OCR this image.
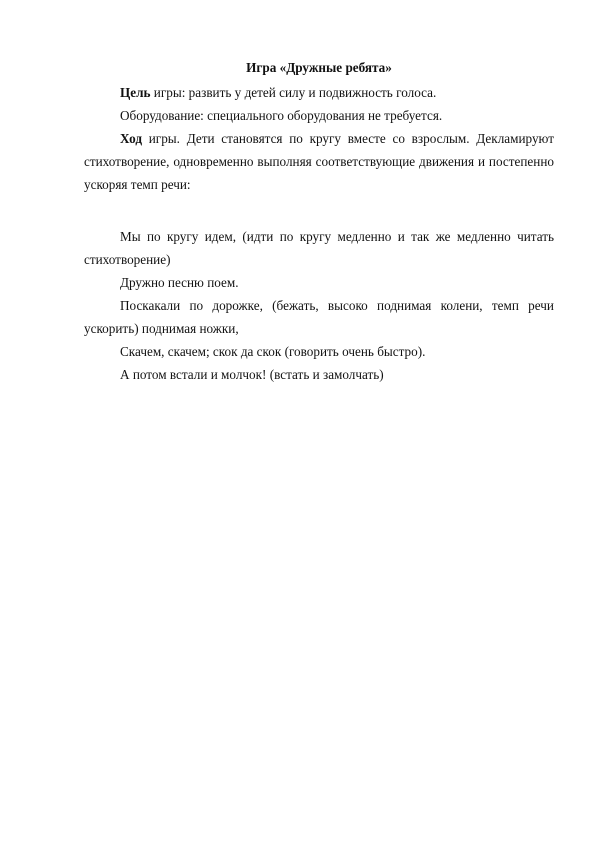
Игра «Дружные ребята»

Цель игры: развить у детей силу и подвижность голоса.

Оборудование: специального оборудования не требуется.

Ход игры. Дети становятся по кругу вместе со взрослым. Декламируют стихотворение, одновременно выполняя соответствующие движения и постепенно ускоряя темп речи:

Мы по кругу идем, (идти по кругу медленно и так же медленно читать стихотворение)

Дружно песню поем.

Поскакали по дорожке, (бежать, высоко поднимая колени, темп речи ускорить) поднимая ножки,

Скачем, скачем; скок да скок (говорить очень быстро).

А потом встали и молчок! (встать и замолчать)
